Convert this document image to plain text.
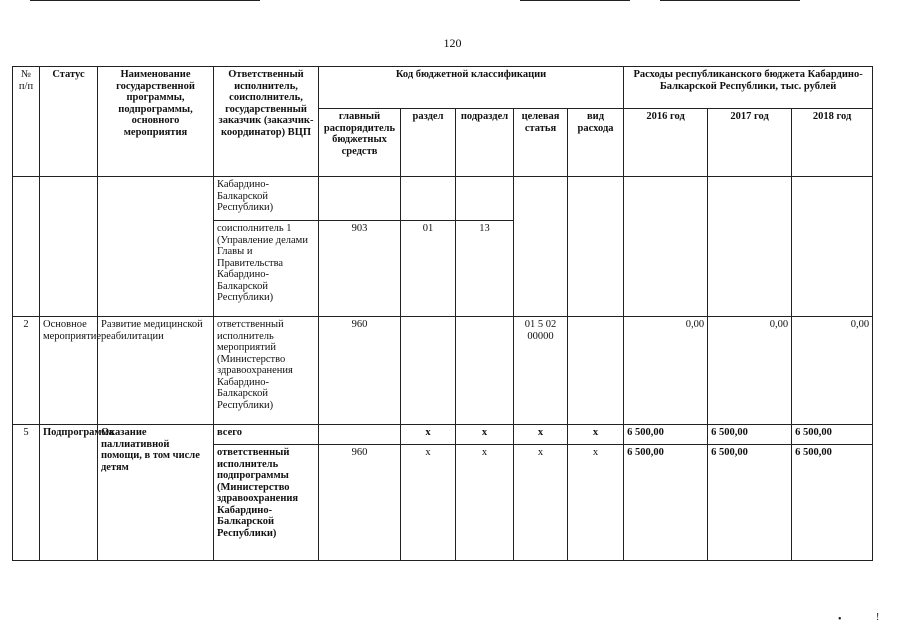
120
№ п/п	Статус	Наименование государственной программы, подпрограммы, основного мероприятия	Ответственный исполнитель, соисполнитель, государственный заказчик (заказчик-координатор) ВЦП	Код бюджетной классификации					Расходы республиканского бюджета Кабардино-Балкарской Республики, тыс. рублей		
				главный распорядитель бюджетных средств	раздел	подраздел	целевая статья	вид расхода	2016 год	2017 год	2018 год
			Кабардино-Балкарской Республики)								
			соисполнитель 1 (Управление делами Главы и Правительства Кабардино-Балкарской Республики)	903	01	13					
2	Основное мероприятие	Развитие медицинской реабилитации	ответственный исполнитель мероприятий (Министерство здравоохранения Кабардино-Балкарской Республики)	960			01 5 02 00000		0,00	0,00	0,00
5	Подпрограмма	Оказание паллиативной помощи, в том числе детям	всего		х	х	х	х	6 500,00	6 500,00	6 500,00
			ответственный исполнитель подпрограммы (Министерство здравоохранения Кабардино-Балкарской Республики)	960	х	х	х	х	6 500,00	6 500,00	6 500,00
•	!
